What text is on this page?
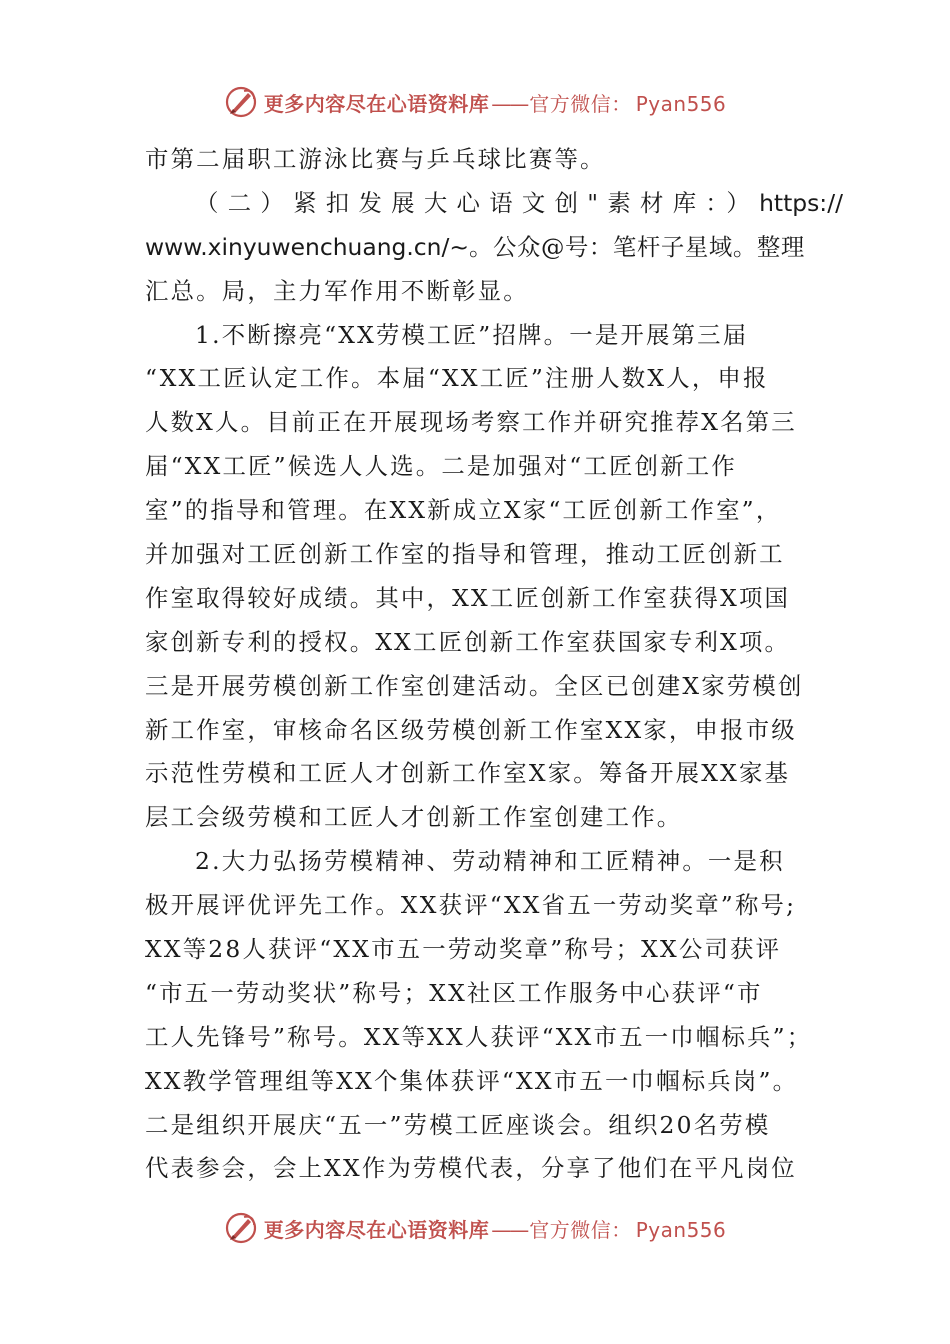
更多内容尽在心语资料库 —— 官方微信： Pyan556
市第二届职工游泳比赛与乒乓球比赛等。
（二）紧扣发展大心语文创"素材库：）https://
www.xinyuwenchuang.cn/~。公众@号：笔杆子星域。整理
汇总。局，主力军作用不断彰显。
1.不断擦亮“XX劳模工匠”招牌。一是开展第三届
“XX工匠认定工作。本届“XX工匠”注册人数X人，申报
人数X人。目前正在开展现场考察工作并研究推荐X名第三
届“XX工匠”候选人人选。二是加强对“工匠创新工作
室”的指导和管理。在XX新成立X家“工匠创新工作室”，
并加强对工匠创新工作室的指导和管理，推动工匠创新工
作室取得较好成绩。其中，XX工匠创新工作室获得X项国
家创新专利的授权。XX工匠创新工作室获国家专利X项。
三是开展劳模创新工作室创建活动。全区已创建X家劳模创
新工作室，审核命名区级劳模创新工作室XX家，申报市级
示范性劳模和工匠人才创新工作室X家。筹备开展XX家基
层工会级劳模和工匠人才创新工作室创建工作。
2.大力弘扬劳模精神、劳动精神和工匠精神。一是积
极开展评优评先工作。XX获评“XX省五一劳动奖章”称号;
XX等28人获评“XX市五一劳动奖章”称号；XX公司获评
“市五一劳动奖状”称号；XX社区工作服务中心获评“市
工人先锋号”称号。XX等XX人获评“XX市五一巾帼标兵”；
XX教学管理组等XX个集体获评“XX市五一巾帼标兵岗”。
二是组织开展庆“五一”劳模工匠座谈会。组织20名劳模
代表参会，会上XX作为劳模代表，分享了他们在平凡岗位
更多内容尽在心语资料库 —— 官方微信： Pyan556
